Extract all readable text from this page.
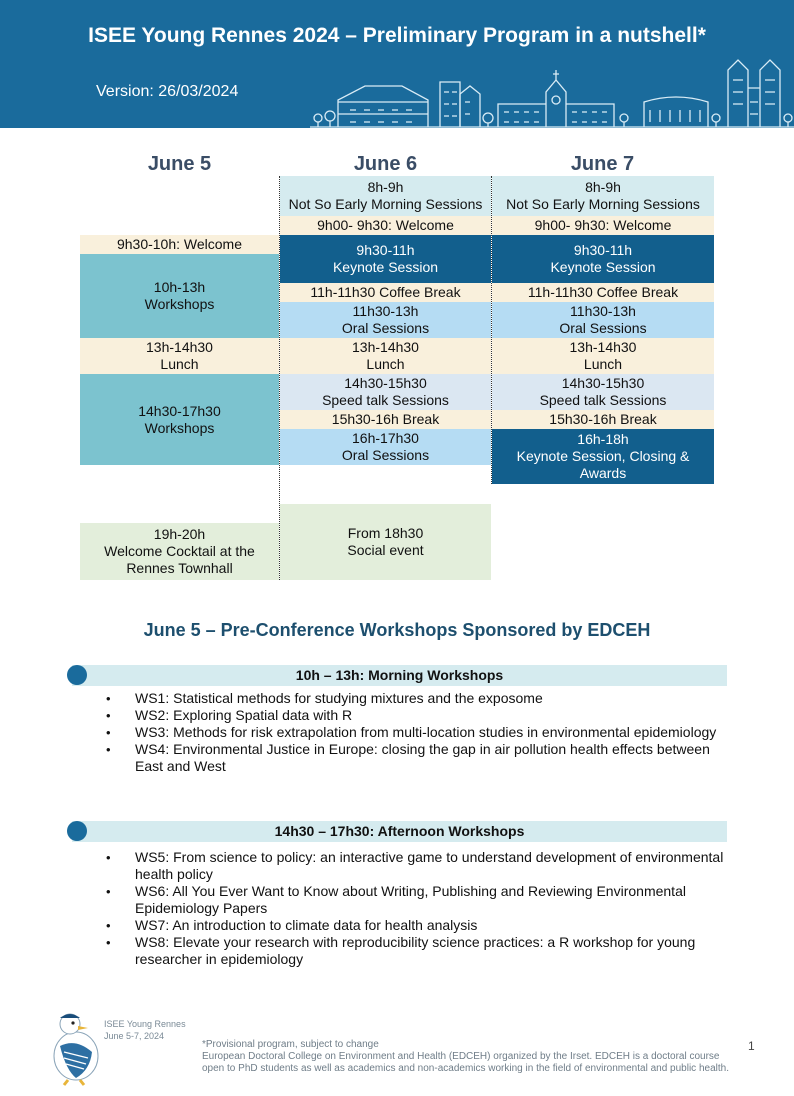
ISEE Young Rennes 2024 – Preliminary Program in a nutshell*
Version: 26/03/2024
June 5	June 6	June 7
9h30-10h: Welcome
10h-13h
Workshops
13h-14h30
Lunch
14h30-17h30
Workshops
19h-20h
Welcome Cocktail at the Rennes Townhall
8h-9h
Not So Early Morning Sessions
9h00- 9h30: Welcome
9h30-11h
Keynote Session
11h-11h30 Coffee Break
11h30-13h
Oral Sessions
13h-14h30
Lunch
14h30-15h30
Speed talk Sessions
15h30-16h Break
16h-17h30
Oral Sessions
From 18h30
Social event
8h-9h
Not So Early Morning Sessions
9h00- 9h30: Welcome
9h30-11h
Keynote Session
11h-11h30 Coffee Break
11h30-13h
Oral Sessions
13h-14h30
Lunch
14h30-15h30
Speed talk Sessions
15h30-16h Break
16h-18h
Keynote Session, Closing & Awards
June 5 – Pre-Conference Workshops Sponsored by EDCEH
10h – 13h: Morning Workshops
• WS1: Statistical methods for studying mixtures and the exposome
• WS2: Exploring Spatial data with R
• WS3: Methods for risk extrapolation from multi-location studies in environmental epidemiology
• WS4: Environmental Justice in Europe: closing the gap in air pollution health effects between East and West
14h30 – 17h30: Afternoon Workshops
• WS5: From science to policy: an interactive game to understand development of environmental health policy
• WS6: All You Ever Want to Know about Writing, Publishing and Reviewing Environmental Epidemiology Papers
• WS7: An introduction to climate data for health analysis
• WS8: Elevate your research with reproducibility science practices: a R workshop for young researcher in epidemiology
ISEE Young Rennes
June 5-7, 2024
*Provisional program, subject to change
European Doctoral College on Environment and Health (EDCEH) organized by the Irset. EDCEH is a doctoral course
open to PhD students as well as academics and non-academics working in the field of environmental and public health.
1
